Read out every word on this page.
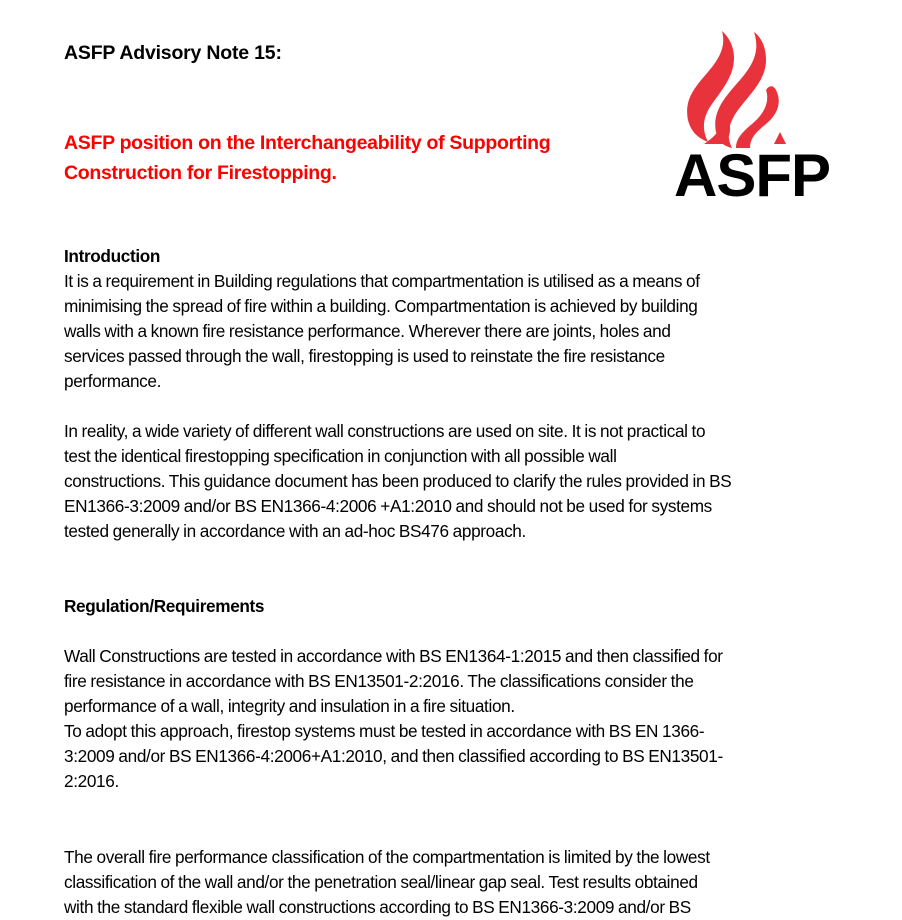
ASFP Advisory Note 15:
ASFP position on the Interchangeability of Supporting
Construction for Firestopping.	ASFP
Introduction
It is a requirement in Building regulations that compartmentation is utilised as a means of
minimising the spread of fire within a building. Compartmentation is achieved by building
walls with a known fire resistance performance. Wherever there are joints, holes and
services passed through the wall, firestopping is used to reinstate the fire resistance
performance.
In reality, a wide variety of different wall constructions are used on site. It is not practical to
test the identical firestopping specification in conjunction with all possible wall
constructions. This guidance document has been produced to clarify the rules provided in BS
EN1366-3:2009 and/or BS EN1366-4:2006 +A1:2010 and should not be used for systems
tested generally in accordance with an ad-hoc BS476 approach.
Regulation/Requirements
Wall Constructions are tested in accordance with BS EN1364-1:2015 and then classified for
fire resistance in accordance with BS EN13501-2:2016. The classifications consider the
performance of a wall, integrity and insulation in a fire situation.
To adopt this approach, firestop systems must be tested in accordance with BS EN 1366-
3:2009 and/or BS EN1366-4:2006+A1:2010, and then classified according to BS EN13501-
2:2016.
The overall fire performance classification of the compartmentation is limited by the lowest
classification of the wall and/or the penetration seal/linear gap seal. Test results obtained
with the standard flexible wall constructions according to BS EN1366-3:2009 and/or BS
